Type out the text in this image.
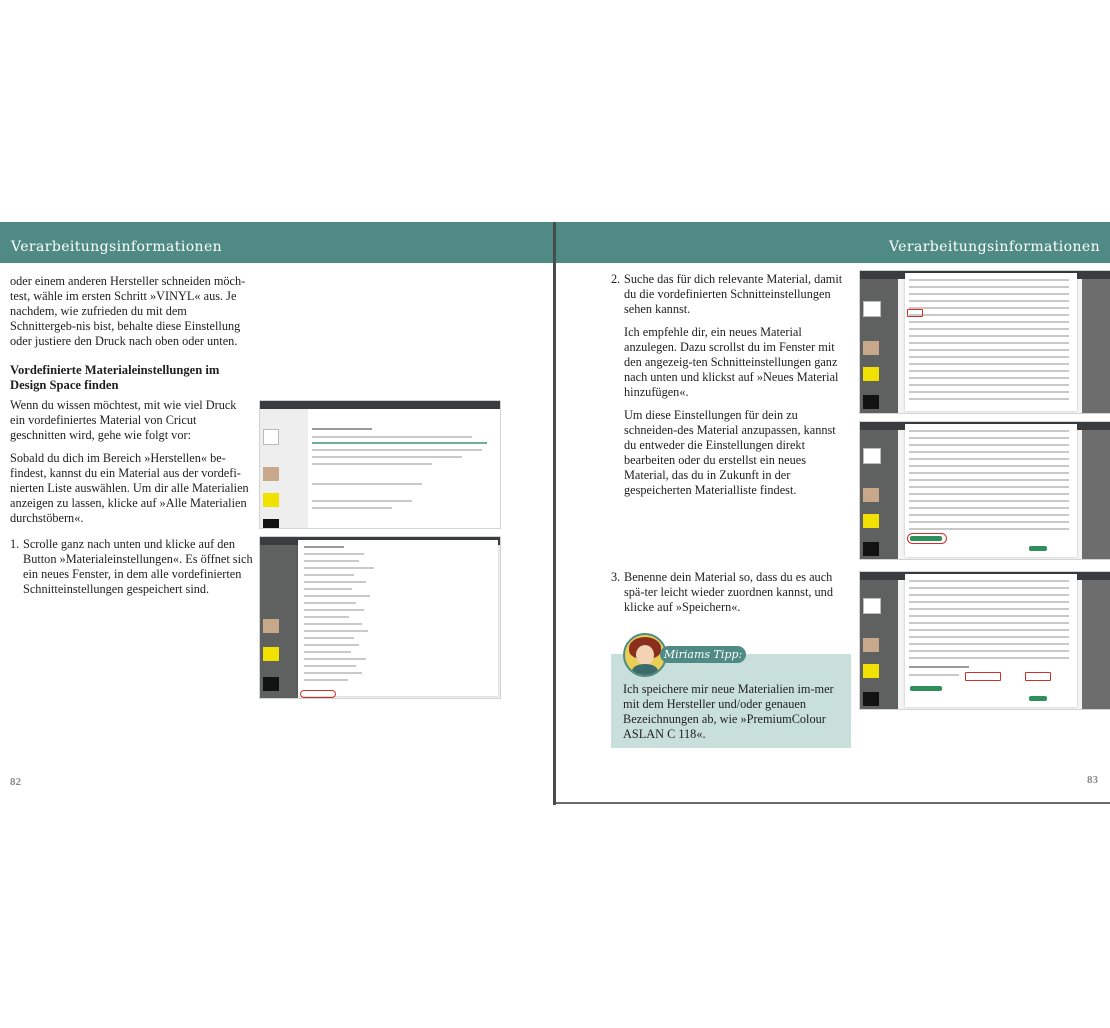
Verarbeitungsinformationen

oder einem anderen Hersteller schneiden möch-test, wähle im ersten Schritt »VINYL« aus. Je nachdem, wie zufrieden du mit dem Schnittergeb-nis bist, behalte diese Einstellung oder justiere den Druck nach oben oder unten.

Vordefinierte Materialeinstellungen im Design Space finden

Wenn du wissen möchtest, mit wie viel Druck ein vordefiniertes Material von Cricut geschnitten wird, gehe wie folgt vor:

Sobald du dich im Bereich »Herstellen« be-findest, kannst du ein Material aus der vordefi-nierten Liste auswählen. Um dir alle Materialien anzeigen zu lassen, klicke auf »Alle Materialien durchstöbern«.

1. Scrolle ganz nach unten und klicke auf den Button »Materialeinstellungen«. Es öffnet sich ein neues Fenster, in dem alle vordefinierten Schnitteinstellungen gespeichert sind.
82
Verarbeitungsinformationen

2. Suche das für dich relevante Material, damit du die vordefinierten Schnitteinstellungen sehen kannst.

Ich empfehle dir, ein neues Material anzulegen. Dazu scrollst du im Fenster mit den angezeig-ten Schnitteinstellungen ganz nach unten und klickst auf »Neues Material hinzufügen«.

Um diese Einstellungen für dein zu schneiden-des Material anzupassen, kannst du entweder die Einstellungen direkt bearbeiten oder du erstellst ein neues Material, das du in Zukunft in der gespeicherten Materialliste findest.

3. Benenne dein Material so, dass du es auch spä-ter leicht wieder zuordnen kannst, und klicke auf »Speichern«.
Ich speichere mir neue Materialien im-mer mit dem Hersteller und/oder genauen Bezeichnungen ab, wie »PremiumColour ASLAN C 118«.
Miriams Tipp:
83
